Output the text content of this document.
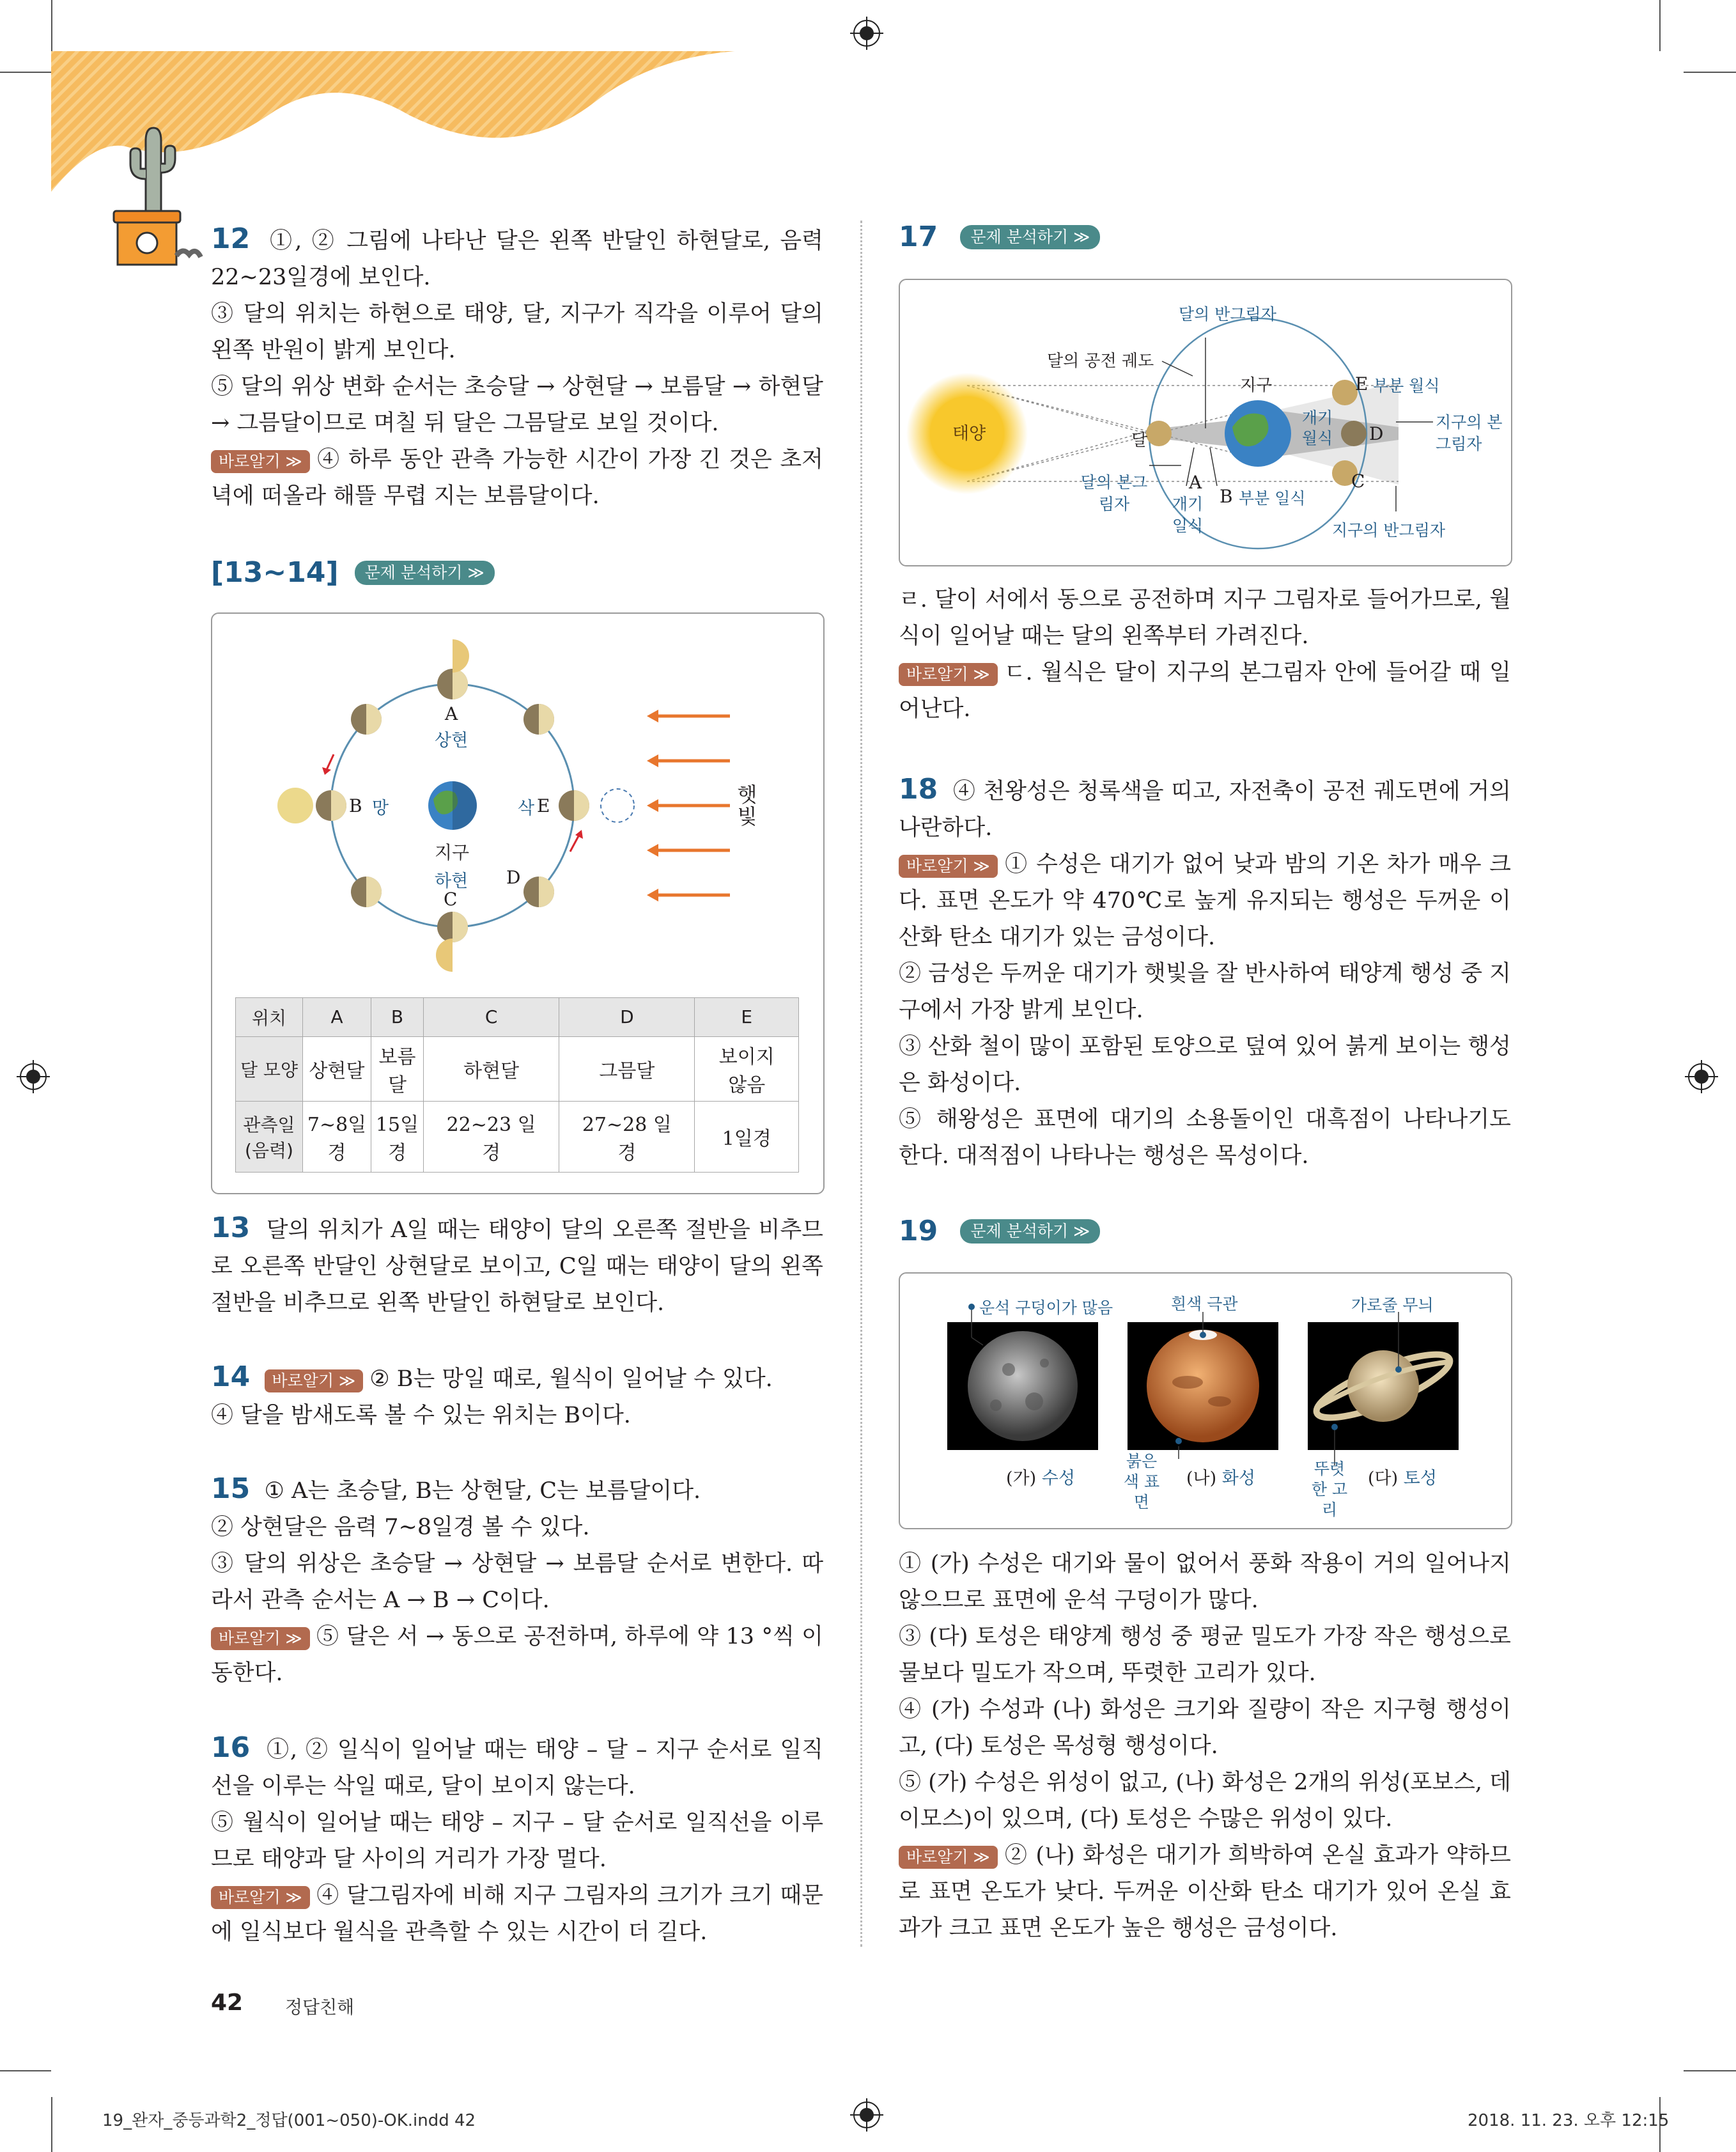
12 ①, ② 그림에 나타난 달은 왼쪽 반달인 하현달로, 음력 22~23일경에 보인다.
③ 달의 위치는 하현으로 태양, 달, 지구가 직각을 이루어 달의 왼쪽 반원이 밝게 보인다.
⑤ 달의 위상 변화 순서는 초승달 → 상현달 → 보름달 → 하현달 → 그믐달이므로 며칠 뒤 달은 그믐달로 보일 것이다.
바로알기 ≫ ④ 하루 동안 관측 가능한 시간이 가장 긴 것은 초저녁에 떠올라 해뜰 무렵 지는 보름달이다.
[13~14] 문제 분석하기 ≫
A
상현
B 망	삭 E
지구
하현
C
D
햇빛
위치	A	B	C	D	E
달 모양	상현달	보름달	하현달	그믐달	보이지 않음
관측일 (음력)	7~8일경	15일경	22~23 일경	27~28 일경	1일경
13 달의 위치가 A일 때는 태양이 달의 오른쪽 절반을 비추므로 오른쪽 반달인 상현달로 보이고, C일 때는 태양이 달의 왼쪽 절반을 비추므로 왼쪽 반달인 하현달로 보인다.
14 바로알기 ≫ ② B는 망일 때로, 월식이 일어날 수 있다.
④ 달을 밤새도록 볼 수 있는 위치는 B이다.
15 ① A는 초승달, B는 상현달, C는 보름달이다.
② 상현달은 음력 7~8일경 볼 수 있다.
③ 달의 위상은 초승달 → 상현달 → 보름달 순서로 변한다. 따라서 관측 순서는 A → B → C이다.
바로알기 ≫ ⑤ 달은 서 → 동으로 공전하며, 하루에 약 13 °씩 이동한다.
16 ①, ② 일식이 일어날 때는 태양 – 달 – 지구 순서로 일직선을 이루는 삭일 때로, 달이 보이지 않는다.
⑤ 월식이 일어날 때는 태양 – 지구 – 달 순서로 일직선을 이루므로 태양과 달 사이의 거리가 가장 멀다.
바로알기 ≫ ④ 달그림자에 비해 지구 그림자의 크기가 크기 때문에 일식보다 월식을 관측할 수 있는 시간이 더 길다.
17 문제 분석하기 ≫
태양	달
달의 공전 궤도
달의 반그림자
지구	E 부분 월식
개기 월식 D
C
지구의 본그림자
지구의 반그림자
달의 본그림자
A
개기 일식
B 부분 일식
ㄹ. 달이 서에서 동으로 공전하며 지구 그림자로 들어가므로, 월식이 일어날 때는 달의 왼쪽부터 가려진다.
바로알기 ≫ ㄷ. 월식은 달이 지구의 본그림자 안에 들어갈 때 일어난다.
18 ④ 천왕성은 청록색을 띠고, 자전축이 공전 궤도면에 거의 나란하다.
바로알기 ≫ ① 수성은 대기가 없어 낮과 밤의 기온 차가 매우 크다. 표면 온도가 약 470℃로 높게 유지되는 행성은 두꺼운 이산화 탄소 대기가 있는 금성이다.
② 금성은 두꺼운 대기가 햇빛을 잘 반사하여 태양계 행성 중 지구에서 가장 밝게 보인다.
③ 산화 철이 많이 포함된 토양으로 덮여 있어 붉게 보이는 행성은 화성이다.
⑤ 해왕성은 표면에 대기의 소용돌이인 대흑점이 나타나기도 한다. 대적점이 나타나는 행성은 목성이다.
19 문제 분석하기 ≫
운석 구덩이가 많음	흰색 극관	가로줄 무늬
붉은색 표면
뚜렷한 고리
(가) 수성	(나) 화성	(다) 토성
① (가) 수성은 대기와 물이 없어서 풍화 작용이 거의 일어나지 않으므로 표면에 운석 구덩이가 많다.
③ (다) 토성은 태양계 행성 중 평균 밀도가 가장 작은 행성으로 물보다 밀도가 작으며, 뚜렷한 고리가 있다.
④ (가) 수성과 (나) 화성은 크기와 질량이 작은 지구형 행성이고, (다) 토성은 목성형 행성이다.
⑤ (가) 수성은 위성이 없고, (나) 화성은 2개의 위성(포보스, 데이모스)이 있으며, (다) 토성은 수많은 위성이 있다.
바로알기 ≫ ② (나) 화성은 대기가 희박하여 온실 효과가 약하므로 표면 온도가 낮다. 두꺼운 이산화 탄소 대기가 있어 온실 효과가 크고 표면 온도가 높은 행성은 금성이다.
42 정답친해
19_완자_중등과학2_정답(001~050)-OK.indd 42	2018. 11. 23. 오후 12:15
